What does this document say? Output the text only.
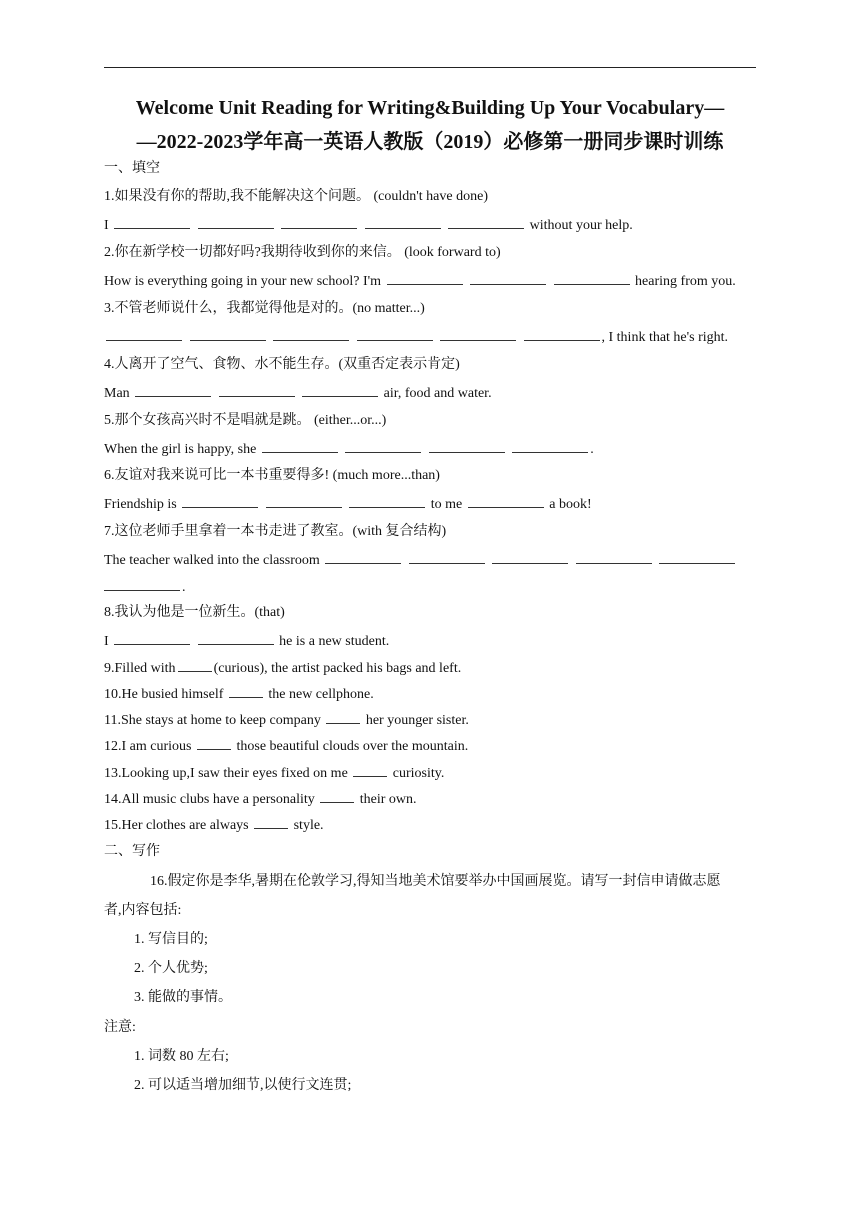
Welcome Unit Reading for Writing&Building Up Your Vocabulary—
—2022-2023学年高一英语人教版（2019）必修第一册同步课时训练
一、填空
1.如果没有你的帮助,我不能解决这个问题。 (couldn't have done)
I	without your help.
2.你在新学校一切都好吗?我期待收到你的来信。 (look forward to)
How is everything going in your new school? I'm	hearing from you.
3.不管老师说什么，我都觉得他是对的。(no matter...)
, I think that he's right.
4.人离开了空气、食物、水不能生存。(双重否定表示肯定)
Man	air, food and water.
5.那个女孩高兴时不是唱就是跳。 (either...or...)
When the girl is happy, she	.
6.友谊对我来说可比一本书重要得多! (much more...than)
Friendship is	to me	a book!
7.这位老师手里拿着一本书走进了教室。(with 复合结构)
The teacher walked into the classroom
.
8.我认为他是一位新生。(that)
I	he is a new student.
9.Filled with	(curious), the artist packed his bags and left.
10.He busied himself	the new cellphone.
11.She stays at home to keep company	her younger sister.
12.I am curious	those beautiful clouds over the mountain.
13.Looking up,I saw their eyes fixed on me	curiosity.
14.All music clubs have a personality	their own.
15.Her clothes are always	style.
二、写作
16.假定你是李华,暑期在伦敦学习,得知当地美术馆要举办中国画展览。请写一封信申请做志愿
者,内容包括:
1. 写信目的;
2. 个人优势;
3. 能做的事情。
注意:
1. 词数 80 左右;
2. 可以适当增加细节,以使行文连贯;
